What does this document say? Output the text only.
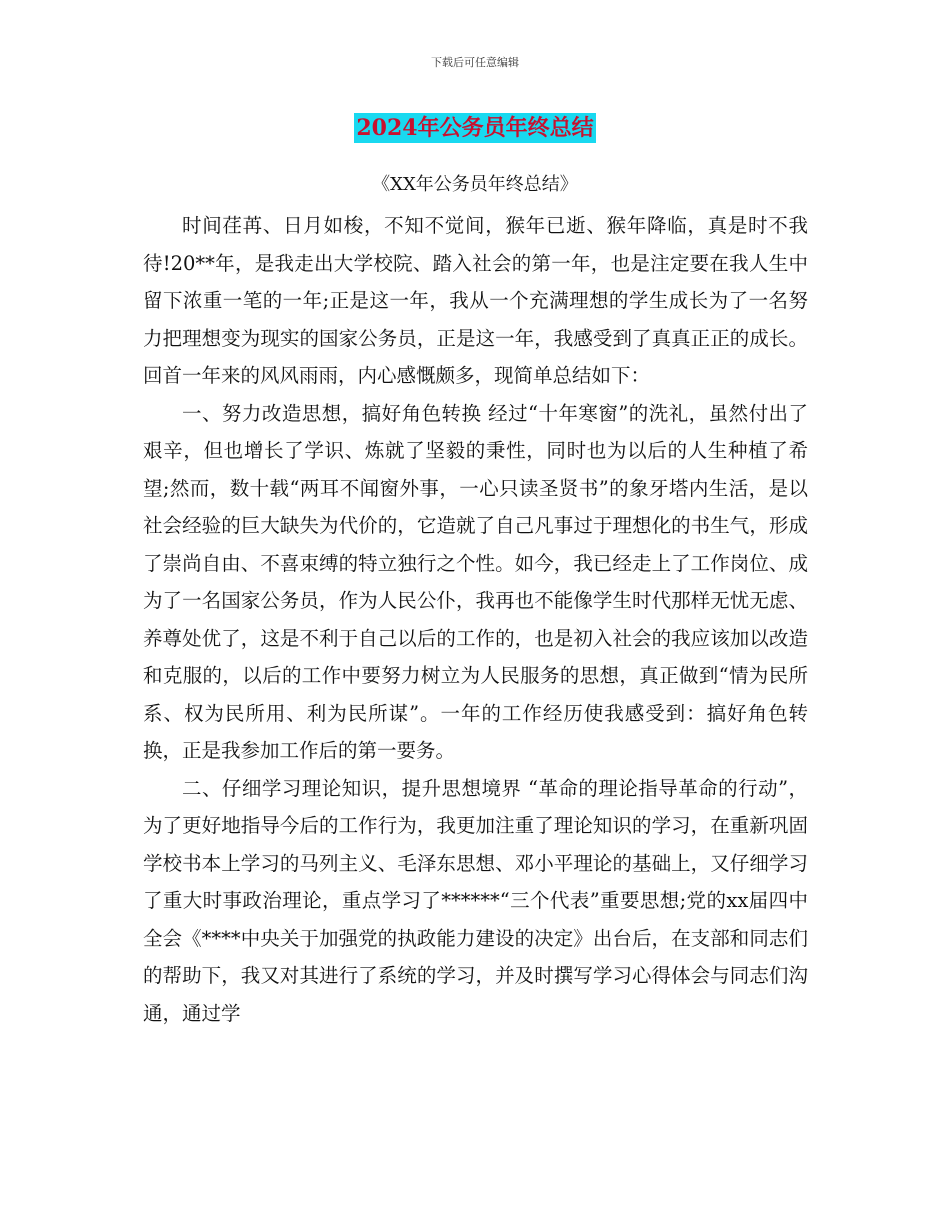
下载后可任意编辑
2024年公务员年终总结
《XX年公务员年终总结》

时间荏苒、日月如梭，不知不觉间，猴年已逝、猴年降临，真是时不我待!20**年，是我走出大学校院、踏入社会的第一年，也是注定要在我人生中留下浓重一笔的一年;正是这一年，我从一个充满理想的学生成长为了一名努力把理想变为现实的国家公务员，正是这一年，我感受到了真真正正的成长。回首一年来的风风雨雨，内心感慨颇多，现简单总结如下：

一、努力改造思想，搞好角色转换 经过“十年寒窗”的洗礼，虽然付出了艰辛，但也增长了学识、炼就了坚毅的秉性，同时也为以后的人生种植了希望;然而，数十载“两耳不闻窗外事，一心只读圣贤书”的象牙塔内生活，是以社会经验的巨大缺失为代价的，它造就了自己凡事过于理想化的书生气，形成了崇尚自由、不喜束缚的特立独行之个性。如今，我已经走上了工作岗位、成为了一名国家公务员，作为人民公仆，我再也不能像学生时代那样无忧无虑、养尊处优了，这是不利于自己以后的工作的，也是初入社会的我应该加以改造和克服的，以后的工作中要努力树立为人民服务的思想，真正做到“情为民所系、权为民所用、利为民所谋”。一年的工作经历使我感受到：搞好角色转换，正是我参加工作后的第一要务。

二、仔细学习理论知识，提升思想境界 “革命的理论指导革命的行动”，为了更好地指导今后的工作行为，我更加注重了理论知识的学习，在重新巩固学校书本上学习的马列主义、毛泽东思想、邓小平理论的基础上，又仔细学习了重大时事政治理论，重点学习了******“三个代表”重要思想;党的xx届四中全会《****中央关于加强党的执政能力建设的决定》出台后，在支部和同志们的帮助下，我又对其进行了系统的学习，并及时撰写学习心得体会与同志们沟通，通过学
